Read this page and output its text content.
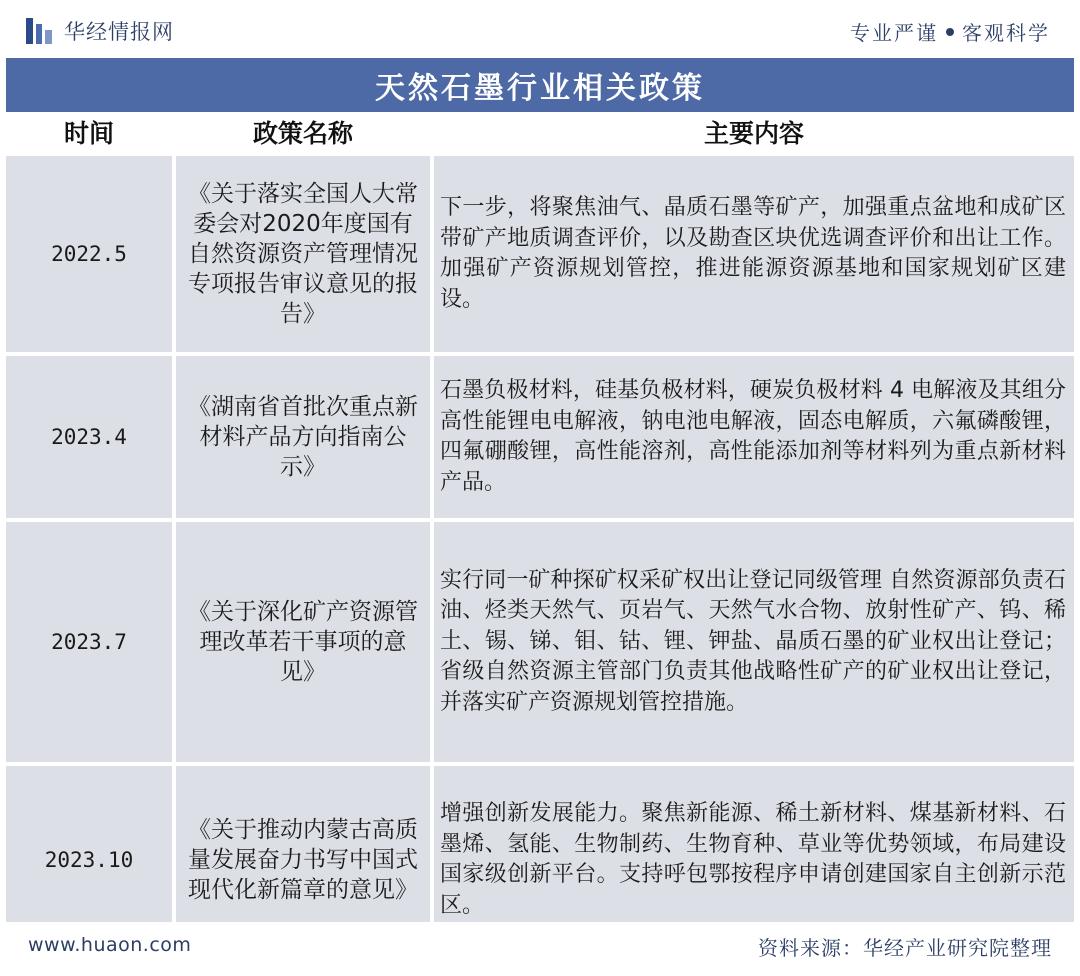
华经情报网	专业严谨 客观科学
天然石墨行业相关政策
时间	政策名称	主要内容
2022.5
《关于落实全国人大常委会对2020年度国有自然资源资产管理情况专项报告审议意见的报告》
下一步，将聚焦油气、晶质石墨等矿产，加强重点盆地和成矿区带矿产地质调查评价，以及勘查区块优选调查评价和出让工作。加强矿产资源规划管控，推进能源资源基地和国家规划矿区建设。
2023.4
《湖南省首批次重点新材料产品方向指南公示》
石墨负极材料，硅基负极材料，硬炭负极材料 4 电解液及其组分 高性能锂电电解液，钠电池电解液，固态电解质，六氟磷酸锂，四氟硼酸锂，高性能溶剂，高性能添加剂等材料列为重点新材料产品。
2023.7
《关于深化矿产资源管理改革若干事项的意见》
实行同一矿种探矿权采矿权出让登记同级管理 自然资源部负责石油、烃类天然气、页岩气、天然气水合物、放射性矿产、钨、稀土、锡、锑、钼、钴、锂、钾盐、晶质石墨的矿业权出让登记；省级自然资源主管部门负责其他战略性矿产的矿业权出让登记，并落实矿产资源规划管控措施。
2023.10
《关于推动内蒙古高质量发展奋力书写中国式现代化新篇章的意见》
增强创新发展能力。聚焦新能源、稀土新材料、煤基新材料、石墨烯、氢能、生物制药、生物育种、草业等优势领域，布局建设国家级创新平台。支持呼包鄂按程序申请创建国家自主创新示范区。
www.huaon.com	资料来源：华经产业研究院整理
